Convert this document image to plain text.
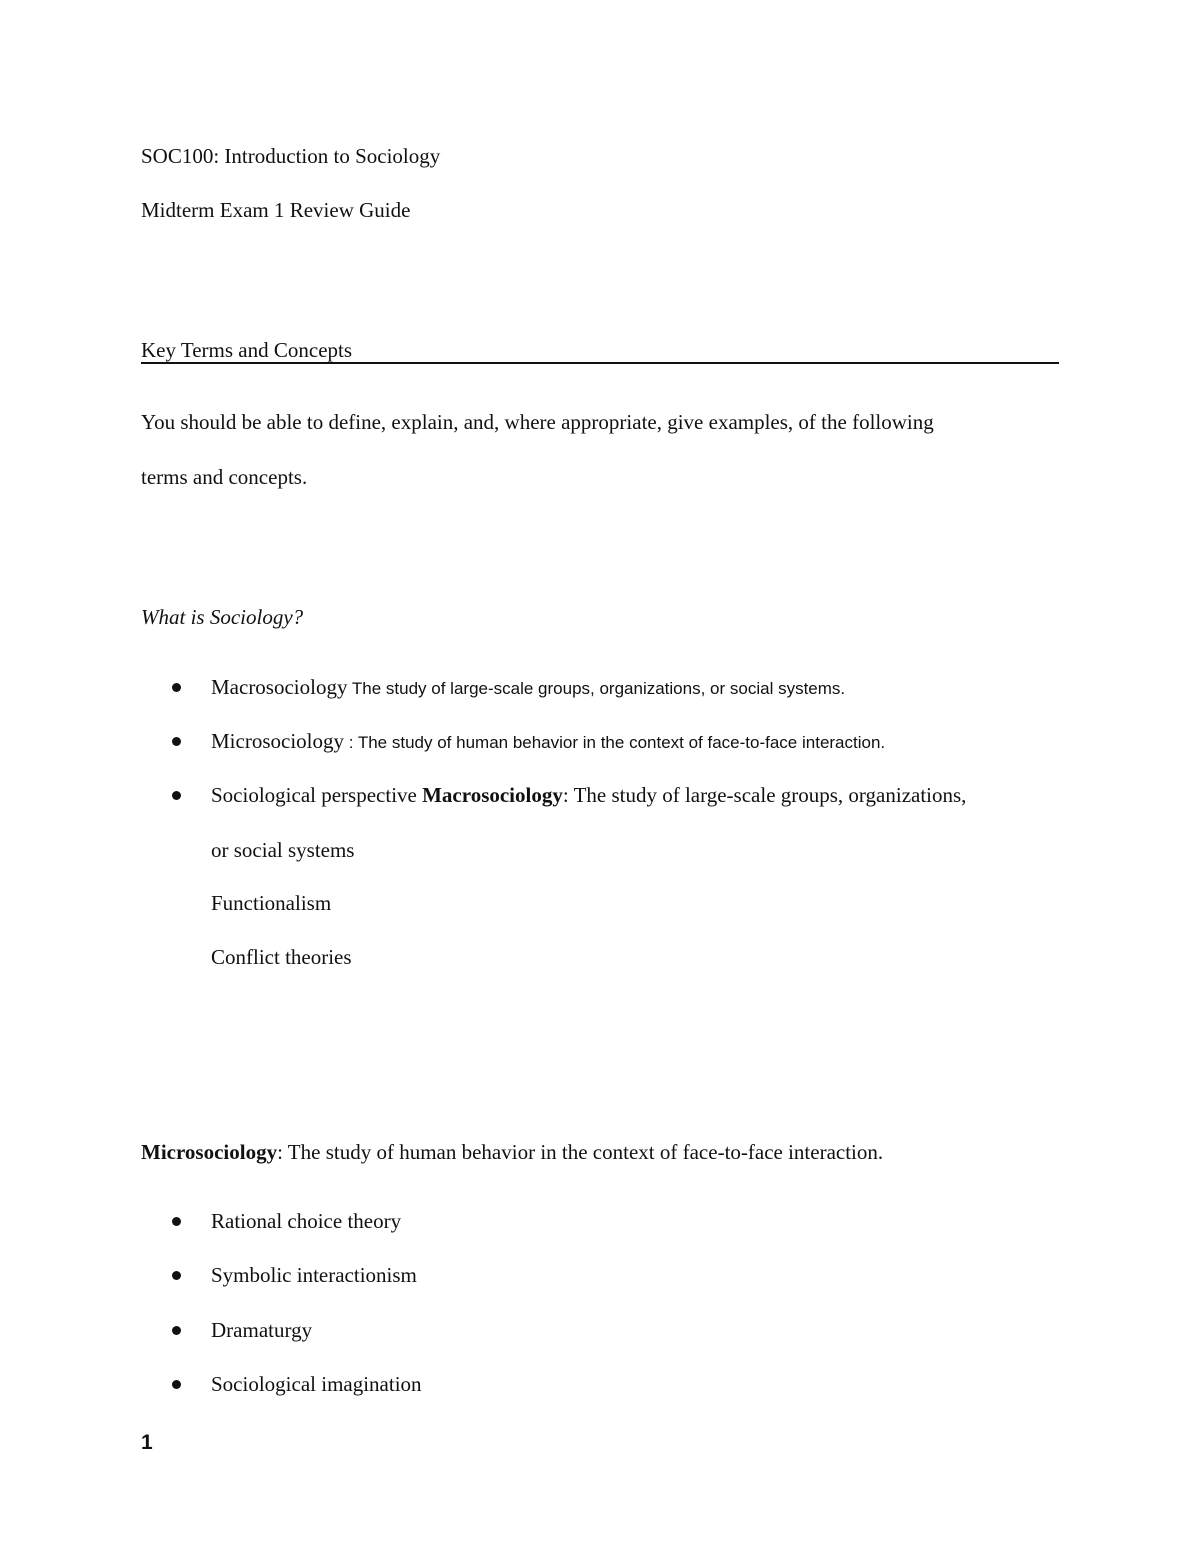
SOC100: Introduction to Sociology
Midterm Exam 1 Review Guide
Key Terms and Concepts
You should be able to define, explain, and, where appropriate, give examples, of the following
terms and concepts.
What is Sociology?
Macrosociology The study of large-scale groups, organizations, or social systems.
Microsociology : The study of human behavior in the context of face-to-face interaction.
Sociological perspective Macrosociology: The study of large-scale groups, organizations,
or social systems
Functionalism
Conflict theories
Microsociology: The study of human behavior in the context of face-to-face interaction.
Rational choice theory
Symbolic interactionism
Dramaturgy
Sociological imagination
1
